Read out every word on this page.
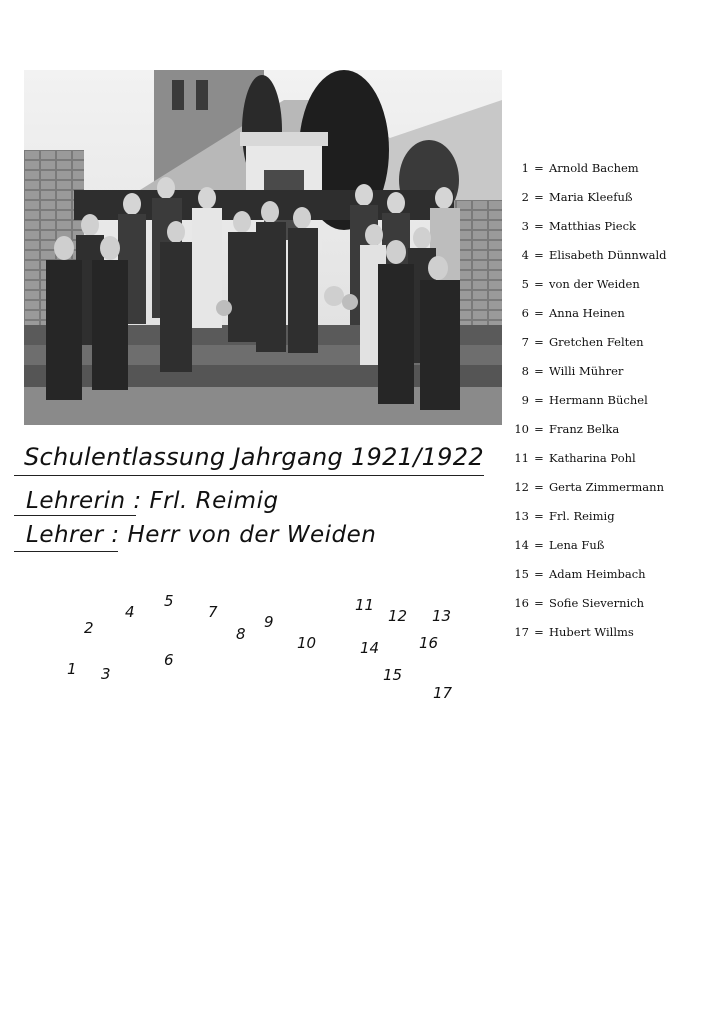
1 = Arnold Bachem
2 = Maria Kleefuß
3 = Matthias Pieck
4 = Elisabeth Dünnwald
5 = von der Weiden
6 = Anna Heinen
7 = Gretchen Felten
8 = Willi Mührer
9 = Hermann Büchel
10 = Franz Belka
11 = Katharina Pohl
12 = Gerta Zimmermann
13 = Frl. Reimig
14 = Lena Fuß
15 = Adam Heimbach
16 = Sofie Sievernich
17 = Hubert Willms
Schulentlassung Jahrgang 1921/1922
Lehrerin : Frl. Reimig
Lehrer : Herr von der Weiden
1
2
3
4
5
6
7
8
9
10
11
12 13
14
15
16
17
